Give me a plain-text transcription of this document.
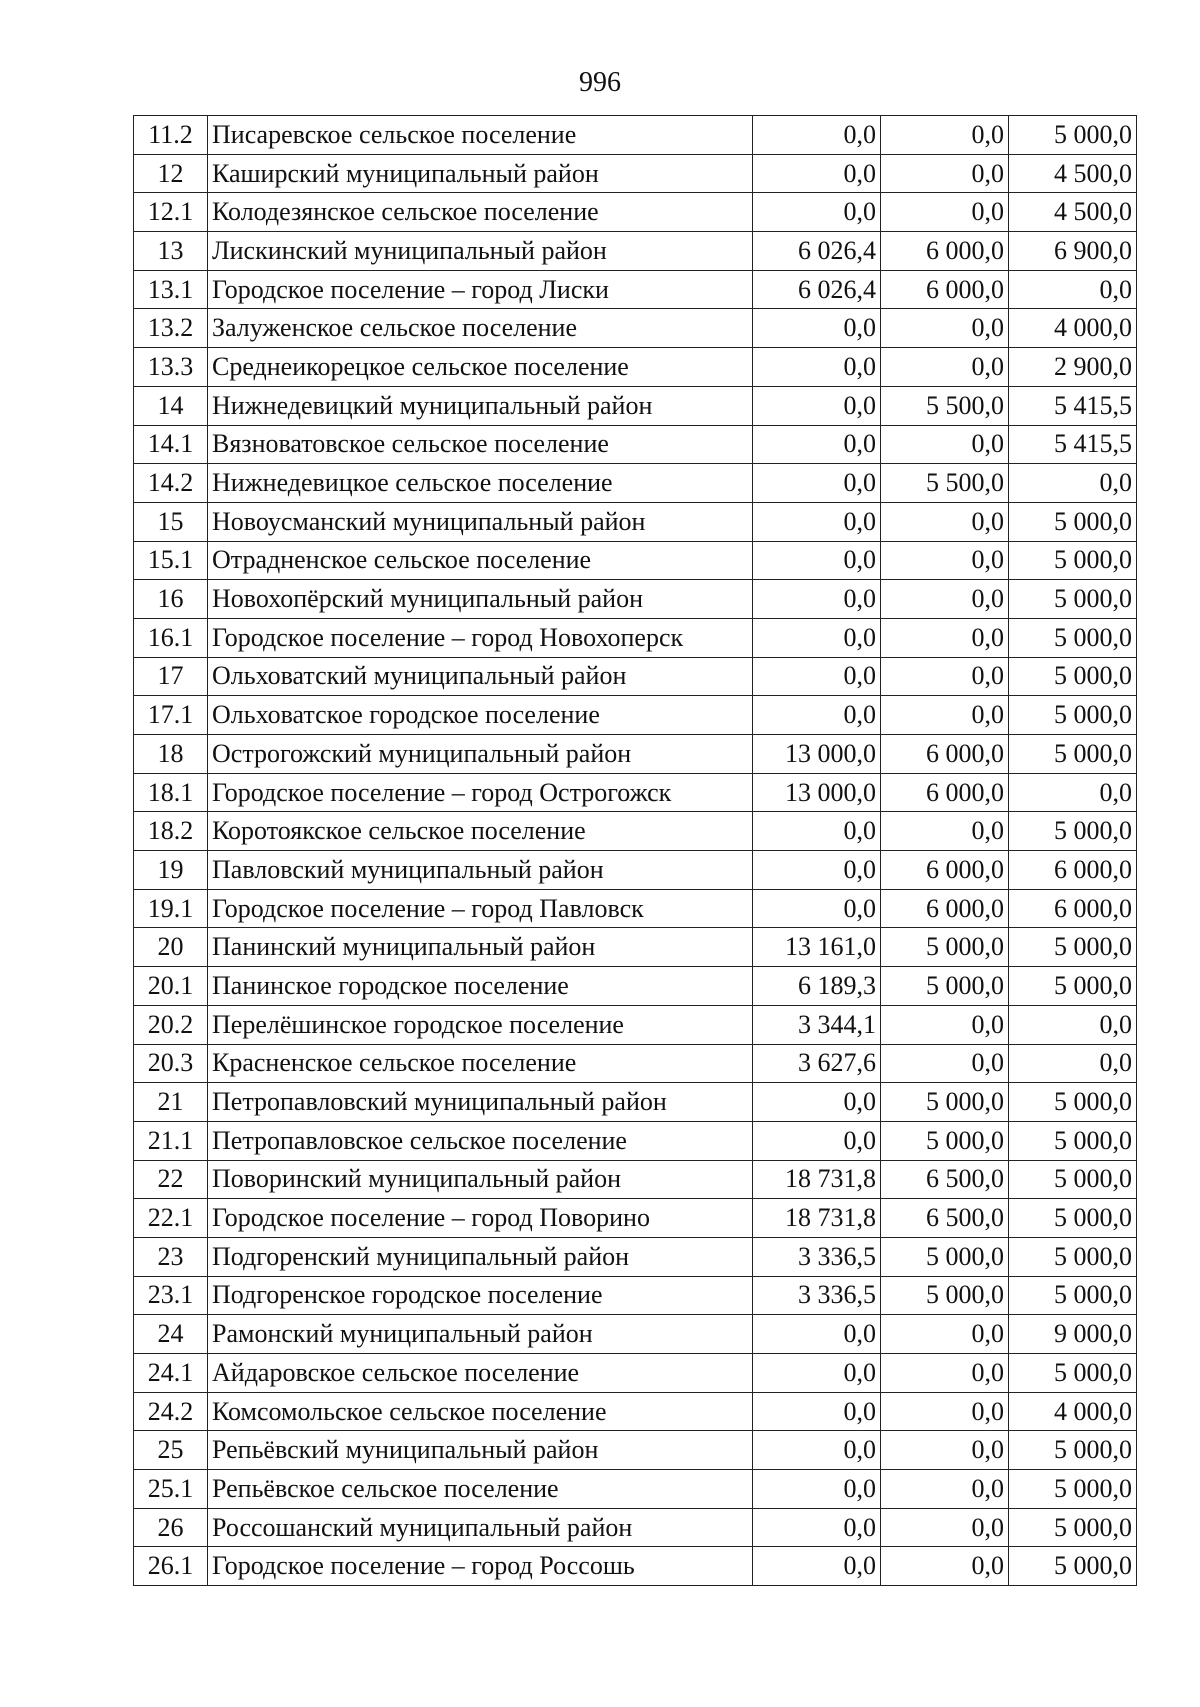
996
11.2	Писаревское сельское поселение	0,0	0,0	5 000,0
12	Каширский муниципальный район	0,0	0,0	4 500,0
12.1	Колодезянское сельское поселение	0,0	0,0	4 500,0
13	Лискинский муниципальный район	6 026,4	6 000,0	6 900,0
13.1	Городское поселение – город Лиски	6 026,4	6 000,0	0,0
13.2	Залуженское сельское поселение	0,0	0,0	4 000,0
13.3	Среднеикорецкое сельское поселение	0,0	0,0	2 900,0
14	Нижнедевицкий муниципальный район	0,0	5 500,0	5 415,5
14.1	Вязноватовское сельское поселение	0,0	0,0	5 415,5
14.2	Нижнедевицкое сельское поселение	0,0	5 500,0	0,0
15	Новоусманский муниципальный район	0,0	0,0	5 000,0
15.1	Отрадненское сельское поселение	0,0	0,0	5 000,0
16	Новохопёрский муниципальный район	0,0	0,0	5 000,0
16.1	Городское поселение – город Новохоперск	0,0	0,0	5 000,0
17	Ольховатский муниципальный район	0,0	0,0	5 000,0
17.1	Ольховатское городское поселение	0,0	0,0	5 000,0
18	Острогожский муниципальный район	13 000,0	6 000,0	5 000,0
18.1	Городское поселение – город Острогожск	13 000,0	6 000,0	0,0
18.2	Коротоякское сельское поселение	0,0	0,0	5 000,0
19	Павловский муниципальный район	0,0	6 000,0	6 000,0
19.1	Городское поселение – город Павловск	0,0	6 000,0	6 000,0
20	Панинский муниципальный район	13 161,0	5 000,0	5 000,0
20.1	Панинское городское поселение	6 189,3	5 000,0	5 000,0
20.2	Перелёшинское городское поселение	3 344,1	0,0	0,0
20.3	Красненское сельское поселение	3 627,6	0,0	0,0
21	Петропавловский муниципальный район	0,0	5 000,0	5 000,0
21.1	Петропавловское сельское поселение	0,0	5 000,0	5 000,0
22	Поворинский муниципальный район	18 731,8	6 500,0	5 000,0
22.1	Городское поселение – город Поворино	18 731,8	6 500,0	5 000,0
23	Подгоренский муниципальный район	3 336,5	5 000,0	5 000,0
23.1	Подгоренское городское поселение	3 336,5	5 000,0	5 000,0
24	Рамонский муниципальный район	0,0	0,0	9 000,0
24.1	Айдаровское сельское поселение	0,0	0,0	5 000,0
24.2	Комсомольское сельское поселение	0,0	0,0	4 000,0
25	Репьёвский муниципальный район	0,0	0,0	5 000,0
25.1	Репьёвское сельское поселение	0,0	0,0	5 000,0
26	Россошанский муниципальный район	0,0	0,0	5 000,0
26.1	Городское поселение – город Россошь	0,0	0,0	5 000,0
